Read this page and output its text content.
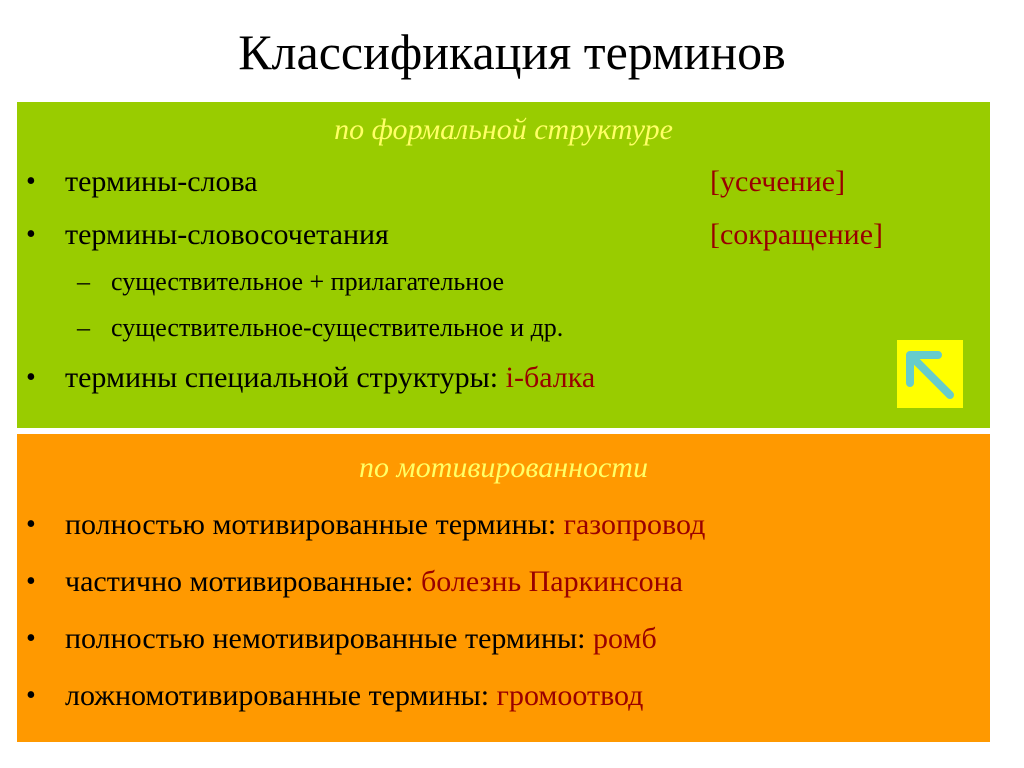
Классификация терминов
по формальной структуре
• термины-слова	[усечение]
• термины-словосочетания	[сокращение]
– существительное + прилагательное
– существительное-существительное и др.
• термины специальной структуры: i-балка
по мотивированности
• полностью мотивированные термины: газопровод
• частично мотивированные: болезнь Паркинсона
• полностью немотивированные термины: ромб
• ложномотивированные термины: громоотвод
